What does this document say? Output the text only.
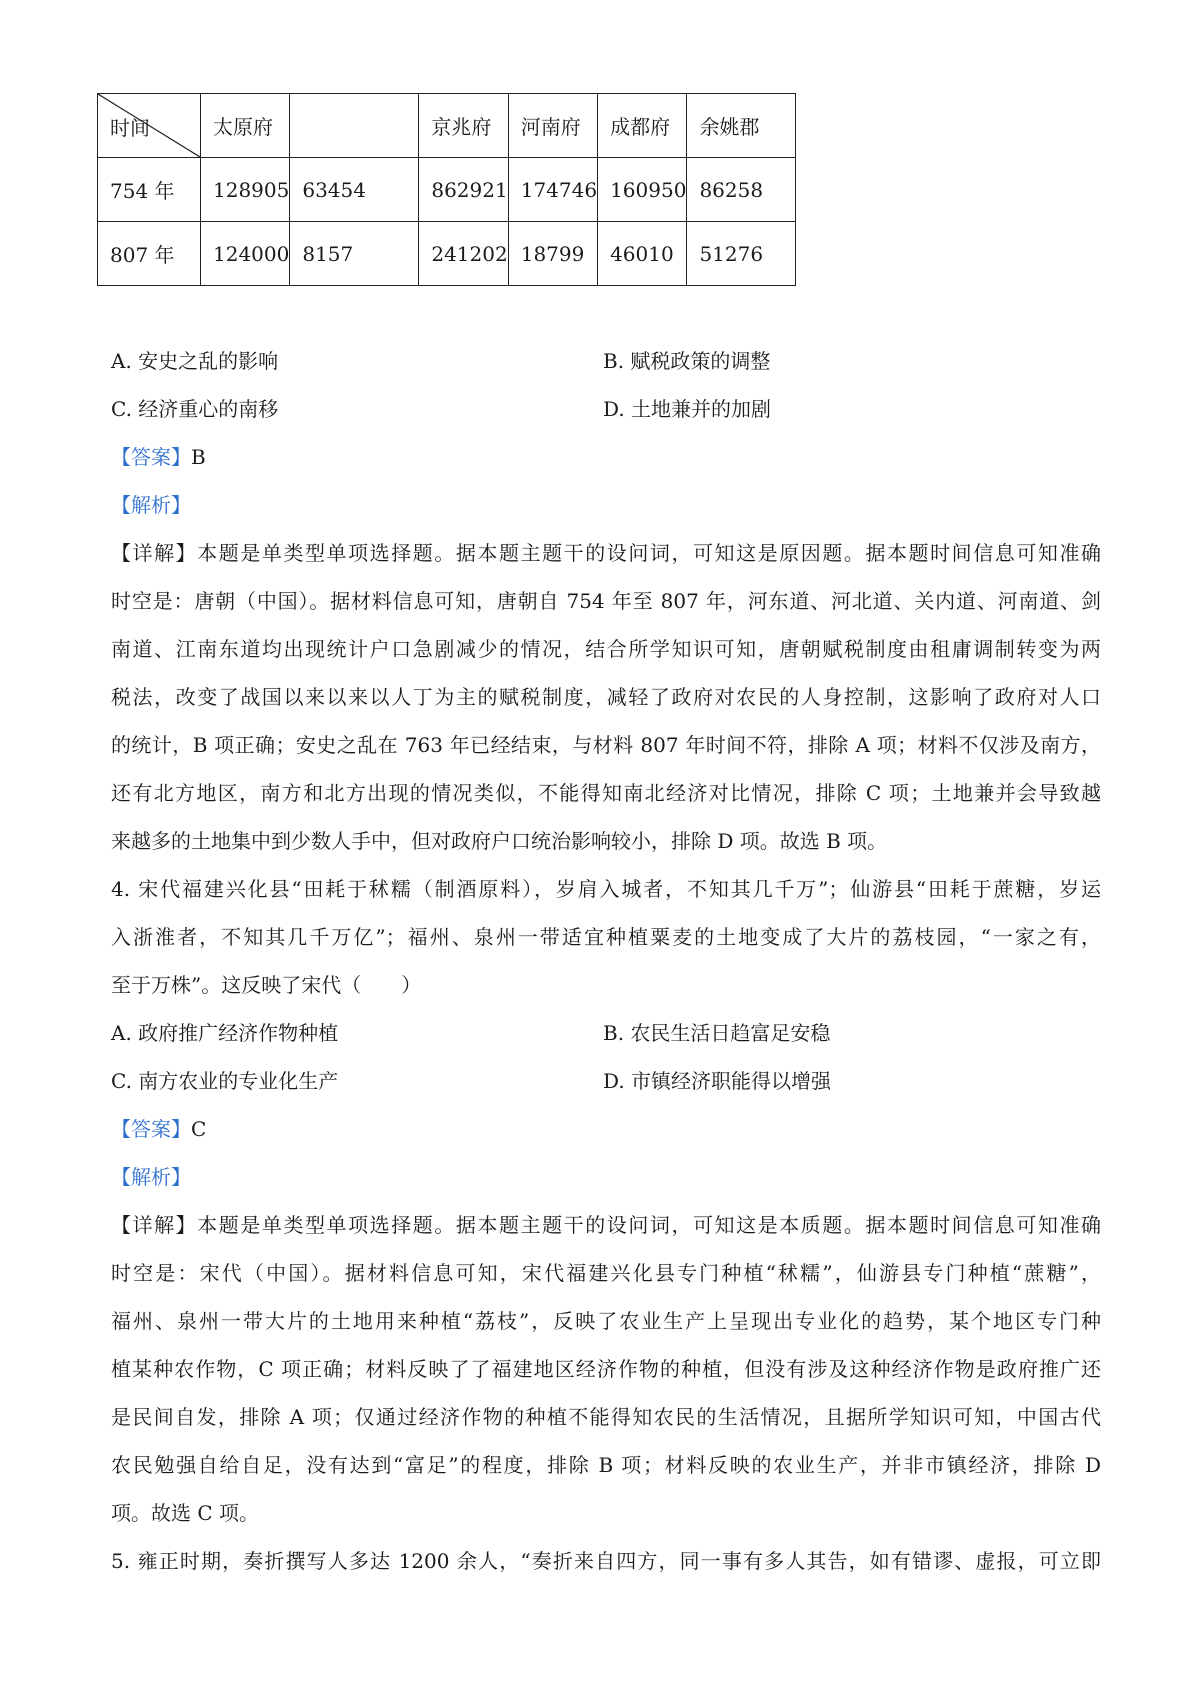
时间	太原府		京兆府	河南府	成都府	余姚郡
754 年	128905	63454	862921	174746	160950	86258
807 年	124000	8157	241202	18799	46010	51276
A. 安史之乱的影响	B. 赋税政策的调整
C. 经济重心的南移	D. 土地兼并的加剧
【答案】B
【解析】
【详解】本题是单类型单项选择题。据本题主题干的设问词，可知这是原因题。据本题时间信息可知准确
时空是：唐朝（中国）。据材料信息可知，唐朝自 754 年至 807 年，河东道、河北道、关内道、河南道、剑
南道、江南东道均出现统计户口急剧减少的情况，结合所学知识可知，唐朝赋税制度由租庸调制转变为两
税法，改变了战国以来以来以人丁为主的赋税制度，减轻了政府对农民的人身控制，这影响了政府对人口
的统计，B 项正确；安史之乱在 763 年已经结束，与材料 807 年时间不符，排除 A 项；材料不仅涉及南方，
还有北方地区，南方和北方出现的情况类似，不能得知南北经济对比情况，排除 C 项；土地兼并会导致越
来越多的土地集中到少数人手中，但对政府户口统治影响较小，排除 D 项。故选 B 项。
4. 宋代福建兴化县“田耗于秫糯（制酒原料），岁肩入城者，不知其几千万”；仙游县“田耗于蔗糖，岁运
入浙淮者，不知其几千万亿”；福州、泉州一带适宜种植粟麦的土地变成了大片的荔枝园，“一家之有，
至于万株”。这反映了宋代（　　）
A. 政府推广经济作物种植	B. 农民生活日趋富足安稳
C. 南方农业的专业化生产	D. 市镇经济职能得以增强
【答案】C
【解析】
【详解】本题是单类型单项选择题。据本题主题干的设问词，可知这是本质题。据本题时间信息可知准确
时空是：宋代（中国）。据材料信息可知，宋代福建兴化县专门种植“秫糯”，仙游县专门种植“蔗糖”，
福州、泉州一带大片的土地用来种植“荔枝”，反映了农业生产上呈现出专业化的趋势，某个地区专门种
植某种农作物，C 项正确；材料反映了了福建地区经济作物的种植，但没有涉及这种经济作物是政府推广还
是民间自发，排除 A 项；仅通过经济作物的种植不能得知农民的生活情况，且据所学知识可知，中国古代
农民勉强自给自足，没有达到“富足”的程度，排除 B 项；材料反映的农业生产，并非市镇经济，排除 D
项。故选 C 项。
5. 雍正时期，奏折撰写人多达 1200 余人，“奏折来自四方，同一事有多人其告，如有错谬、虚报，可立即
